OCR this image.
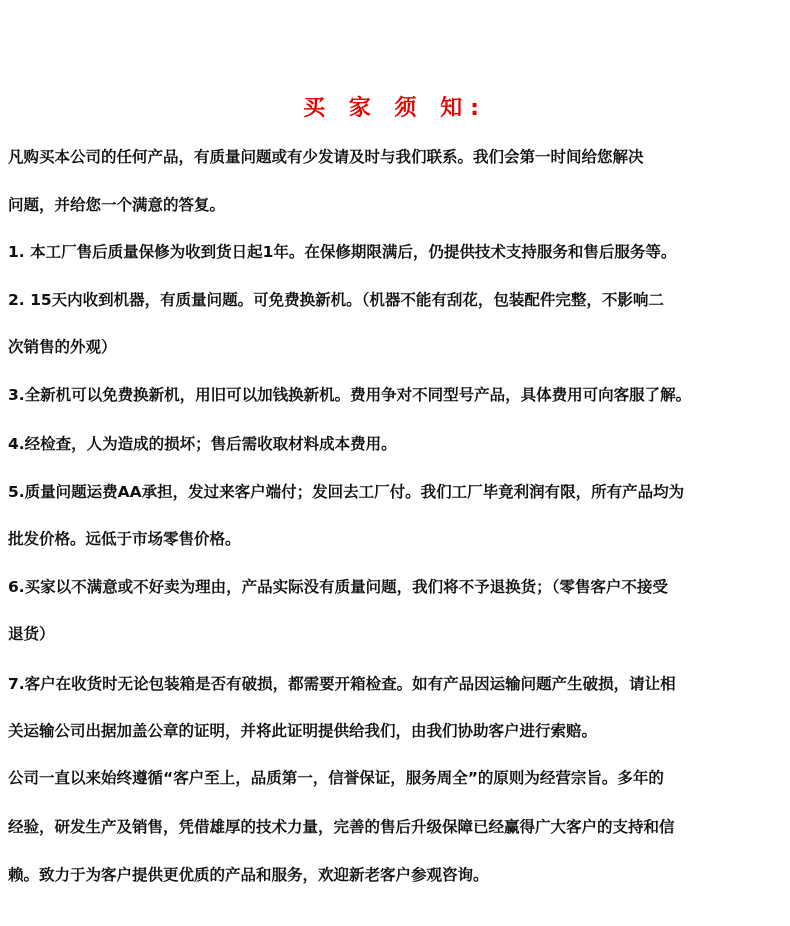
买 家 须 知:
凡购买本公司的任何产品，有质量问题或有少发请及时与我们联系。我们会第一时间给您解决
问题，并给您一个满意的答复。
1. 本工厂售后质量保修为收到货日起1年。在保修期限满后，仍提供技术支持服务和售后服务等。
2. 15天内收到机器，有质量问题。可免费换新机。（机器不能有刮花，包装配件完整，不影响二
次销售的外观）
3.全新机可以免费换新机，用旧可以加钱换新机。费用争对不同型号产品，具体费用可向客服了解。
4.经检查，人为造成的损坏；售后需收取材料成本费用。
5.质量问题运费AA承担，发过来客户端付；发回去工厂付。我们工厂毕竟利润有限，所有产品均为
批发价格。远低于市场零售价格。
6.买家以不满意或不好卖为理由，产品实际没有质量问题，我们将不予退换货；（零售客户不接受
退货）
7.客户在收货时无论包装箱是否有破损，都需要开箱检查。如有产品因运输问题产生破损，请让相
关运输公司出据加盖公章的证明，并将此证明提供给我们，由我们协助客户进行索赔。
公司一直以来始终遵循“客户至上，品质第一，信誉保证，服务周全”的原则为经营宗旨。多年的
经验，研发生产及销售，凭借雄厚的技术力量，完善的售后升级保障已经赢得广大客户的支持和信
赖。致力于为客户提供更优质的产品和服务，欢迎新老客户参观咨询。
